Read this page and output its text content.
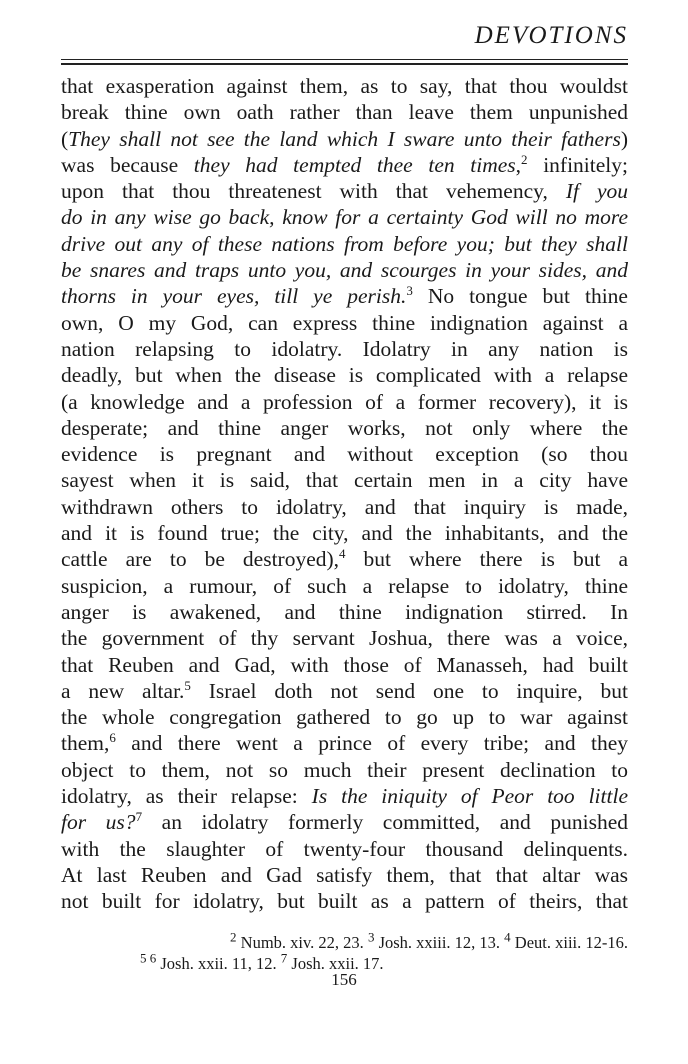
DEVOTIONS
that exasperation against them, as to say, that thou wouldst
break thine own oath rather than leave them unpunished
(They shall not see the land which I sware unto their fathers)
was because they had tempted thee ten times,$^2$ infinitely;
upon that thou threatenest with that vehemency, If you
do in any wise go back, know for a certainty God will no more
drive out any of these nations from before you; but they shall
be snares and traps unto you, and scourges in your sides, and
thorns in your eyes, till ye perish.$^3$ No tongue but thine
own, O my God, can express thine indignation against a
nation relapsing to idolatry. Idolatry in any nation is
deadly, but when the disease is complicated with a relapse
(a knowledge and a profession of a former recovery), it is
desperate; and thine anger works, not only where the
evidence is pregnant and without exception (so thou
sayest when it is said, that certain men in a city have
withdrawn others to idolatry, and that inquiry is made,
and it is found true; the city, and the inhabitants, and the
cattle are to be destroyed),$^4$ but where there is but a
suspicion, a rumour, of such a relapse to idolatry, thine
anger is awakened, and thine indignation stirred. In
the government of thy servant Joshua, there was a voice,
that Reuben and Gad, with those of Manasseh, had built
a new altar.$^5$ Israel doth not send one to inquire, but
the whole congregation gathered to go up to war against
them,$^6$ and there went a prince of every tribe; and they
object to them, not so much their present declination to
idolatry, as their relapse: Is the iniquity of Peor too little
for us?$^7$ an idolatry formerly committed, and punished
with the slaughter of twenty-four thousand delinquents.
At last Reuben and Gad satisfy them, that that altar was
not built for idolatry, but built as a pattern of theirs, that
$^2$ Numb. xiv. 22, 23. $^3$ Josh. xxiii. 12, 13. $^4$ Deut. xiii. 12-16.
$^{5 6}$ Josh. xxii. 11, 12. $^7$ Josh. xxii. 17.
156
